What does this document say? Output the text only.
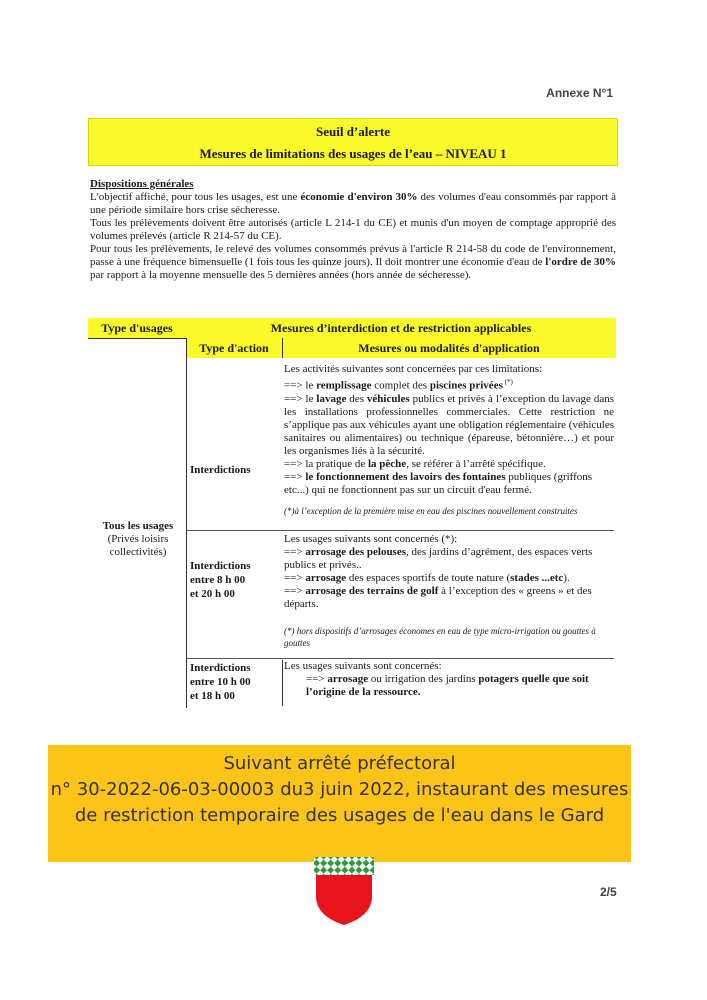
Annexe N°1
Seuil d’alerte
Mesures de limitations des usages de l’eau – NIVEAU 1
Dispositions générales

L'objectif affiché, pour tous les usages, est une économie d'environ 30% des volumes d'eau consommés par rapport à une période similaire hors crise sécheresse.

Tous les prélèvements doivent être autorisés (article L 214-1 du CE) et munis d'un moyen de comptage approprié des volumes prélevés (article R 214-57 du CE).

Pour tous les prélèvements, le relevé des volumes consommés prévus à l'article R 214-58 du code de l'environnement, passe à une fréquence bimensuelle (1 fois tous les quinze jours). Il doit montrer une économie d'eau de l'ordre de 30% par rapport à la moyenne mensuelle des 5 dernières années (hors année de sécheresse).

Type d'usages	Mesures d’interdiction et de restriction applicables
Type d'action	Mesures ou modalités d'application
Tous les usages
(Privés loisirs collectivités)
Interdictions

Les activités suivantes sont concernées par ces limitations:

==> le remplissage complet des piscines privées (*)

==> le lavage des véhicules publics et privés à l’exception du lavage dans les installations professionnelles commerciales. Cette restriction ne s’applique pas aux véhicules ayant une obligation réglementaire (véhicules sanitaires ou alimentaires) ou technique (épareuse, bétonnière…) et pour les organismes liés à la sécurité.

==> la pratique de la pêche, se référer à l’arrêté spécifique.

==> le fonctionnement des lavoirs des fontaines publiques (griffons etc...) qui ne fonctionnent pas sur un circuit d'eau fermé.

(*)à l’exception de la première mise en eau des piscines nouvellement construites

Interdictions
entre 8 h 00
et 20 h 00

Les usages suivants sont concernés (*):

==> arrosage des pelouses, des jardins d’agrément, des espaces verts publics et privés..

==> arrosage des espaces sportifs de toute nature (stades ...etc).

==> arrosage des terrains de golf à l’exception des « greens » et des départs.

(*) hors dispositifs d’arrosages économes en eau de type micro-irrigation ou gouttes à gouttes

Interdictions
entre 10 h 00
et 18 h 00

Les usages suivants sont concernés:

==> arrosage ou irrigation des jardins potagers quelle que soit l’origine de la ressource.

Suivant arrêté préfectoral
n° 30-2022-06-03-00003 du3 juin 2022, instaurant des mesures
de restriction temporaire des usages de l'eau dans le Gard
2/5
